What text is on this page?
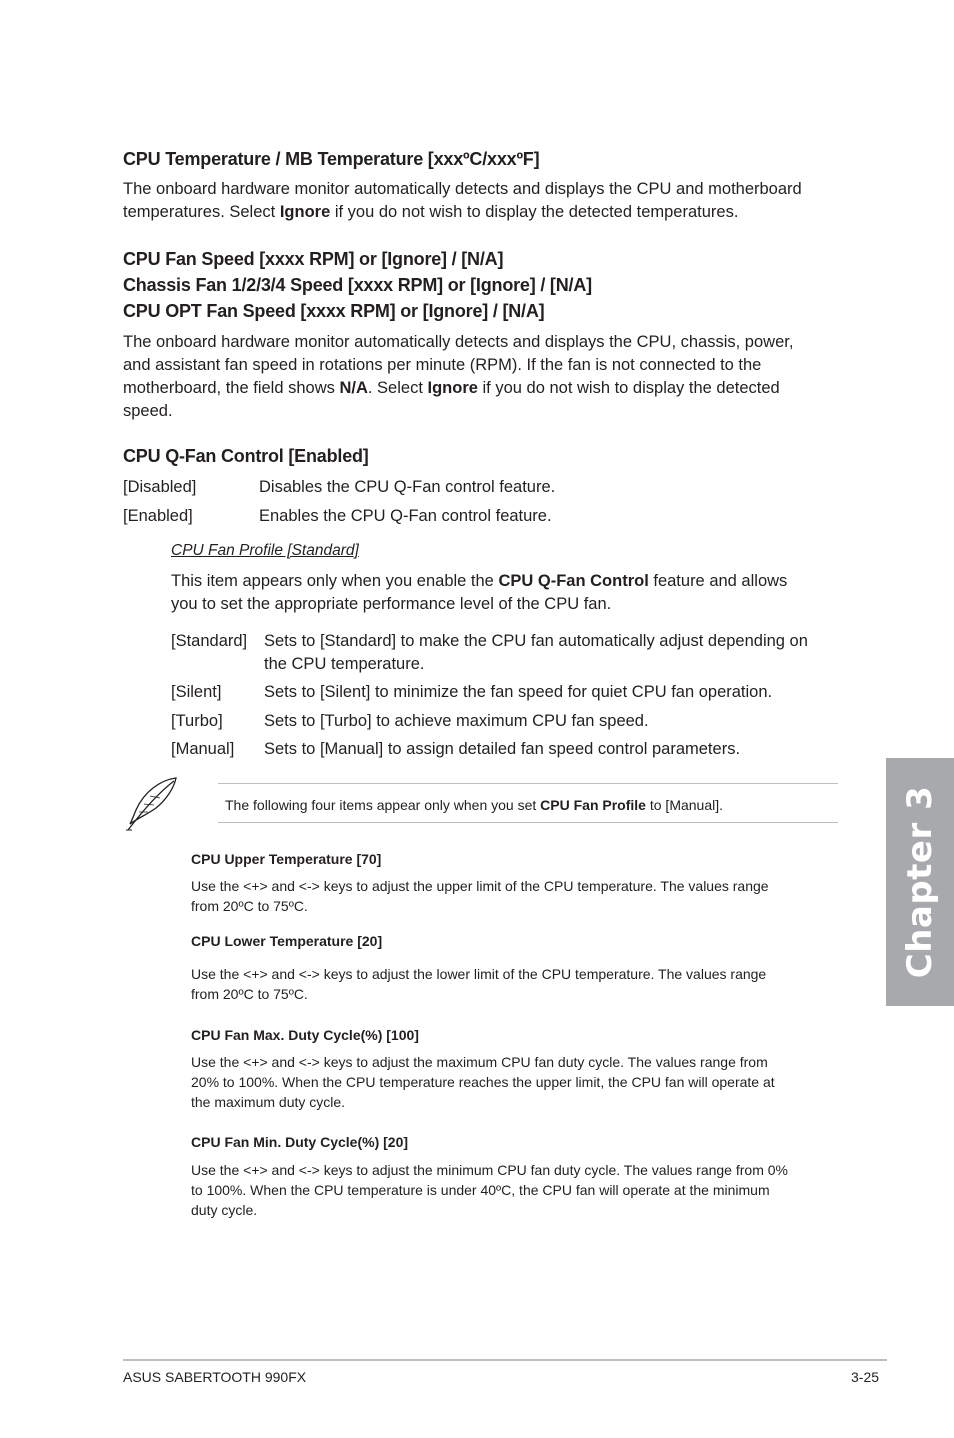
CPU Temperature / MB Temperature [xxxºC/xxxºF]
The onboard hardware monitor automatically detects and displays the CPU and motherboard
temperatures. Select Ignore if you do not wish to display the detected temperatures.
CPU Fan Speed [xxxx RPM] or [Ignore] / [N/A]
Chassis Fan 1/2/3/4 Speed [xxxx RPM] or [Ignore] / [N/A]
CPU OPT Fan Speed [xxxx RPM] or [Ignore] / [N/A]
The onboard hardware monitor automatically detects and displays the CPU, chassis, power,
and assistant fan speed in rotations per minute (RPM). If the fan is not connected to the
motherboard, the field shows N/A. Select Ignore if you do not wish to display the detected
speed.
CPU Q-Fan Control [Enabled]
[Disabled]	Disables the CPU Q-Fan control feature.
[Enabled]	Enables the CPU Q-Fan control feature.
CPU Fan Profile [Standard]
This item appears only when you enable the CPU Q-Fan Control feature and allows
you to set the appropriate performance level of the CPU fan.
[Standard] Sets to [Standard] to make the CPU fan automatically adjust depending on
the CPU temperature.
[Silent]	Sets to [Silent] to minimize the fan speed for quiet CPU fan operation.
[Turbo]	Sets to [Turbo] to achieve maximum CPU fan speed.
[Manual] Sets to [Manual] to assign detailed fan speed control parameters.
The following four items appear only when you set CPU Fan Profile to [Manual].
CPU Upper Temperature [70]
Use the <+> and <-> keys to adjust the upper limit of the CPU temperature. The values range
from 20ºC to 75ºC.
CPU Lower Temperature [20]
Use the <+> and <-> keys to adjust the lower limit of the CPU temperature. The values range
from 20ºC to 75ºC.
CPU Fan Max. Duty Cycle(%) [100]
Use the <+> and <-> keys to adjust the maximum CPU fan duty cycle. The values range from
20% to 100%. When the CPU temperature reaches the upper limit, the CPU fan will operate at
the maximum duty cycle.
CPU Fan Min. Duty Cycle(%) [20]
Use the <+> and <-> keys to adjust the minimum CPU fan duty cycle. The values range from 0%
to 100%. When the CPU temperature is under 40ºC, the CPU fan will operate at the minimum
duty cycle.
Chapter 3
ASUS SABERTOOTH 990FX	3-25
